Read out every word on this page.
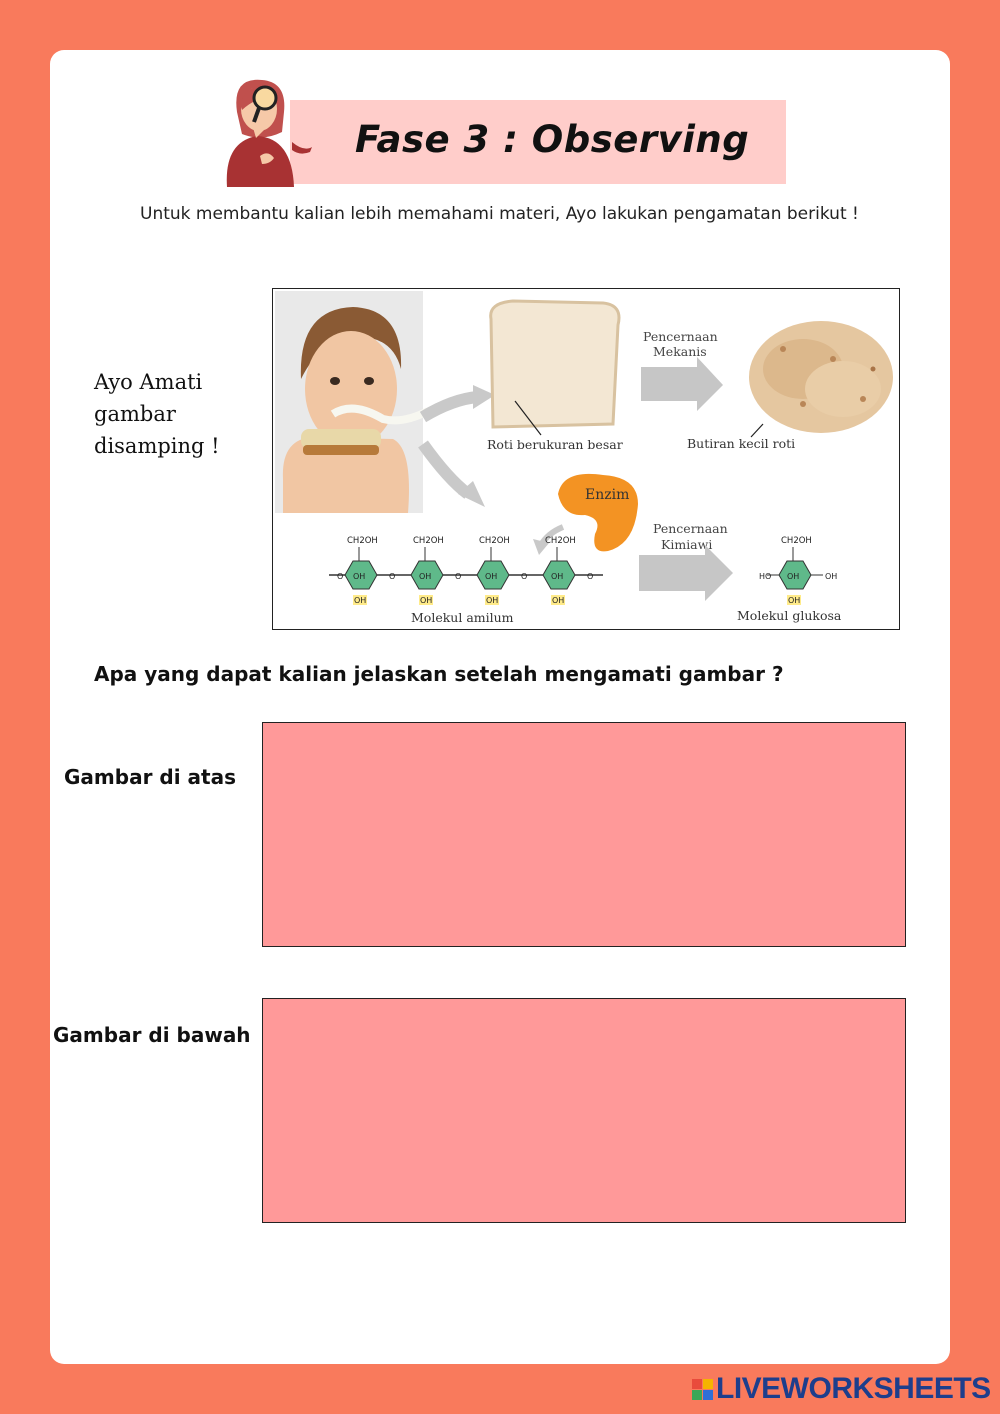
Fase 3 : Observing
Untuk membantu kalian lebih memahami materi, Ayo lakukan pengamatan berikut !
Ayo Amati
gambar
disamping !	Roti berukuran besar
Pencernaan
Mekanis
Butiran kecil roti
Enzim
Pencernaan
Kimiawi
CH2OH	CH2OH	CH2OH	CH2OH
OH	OH	OH	OH
OH	OH	OH	OH
O	O	O	O	O
Molekul amilum
CH2OH
OH
OH
HO	OH
Molekul glukosa
Apa yang dapat kalian jelaskan setelah mengamati gambar ?
Gambar di atas
Gambar di bawah
LIVEWORKSHEETS
